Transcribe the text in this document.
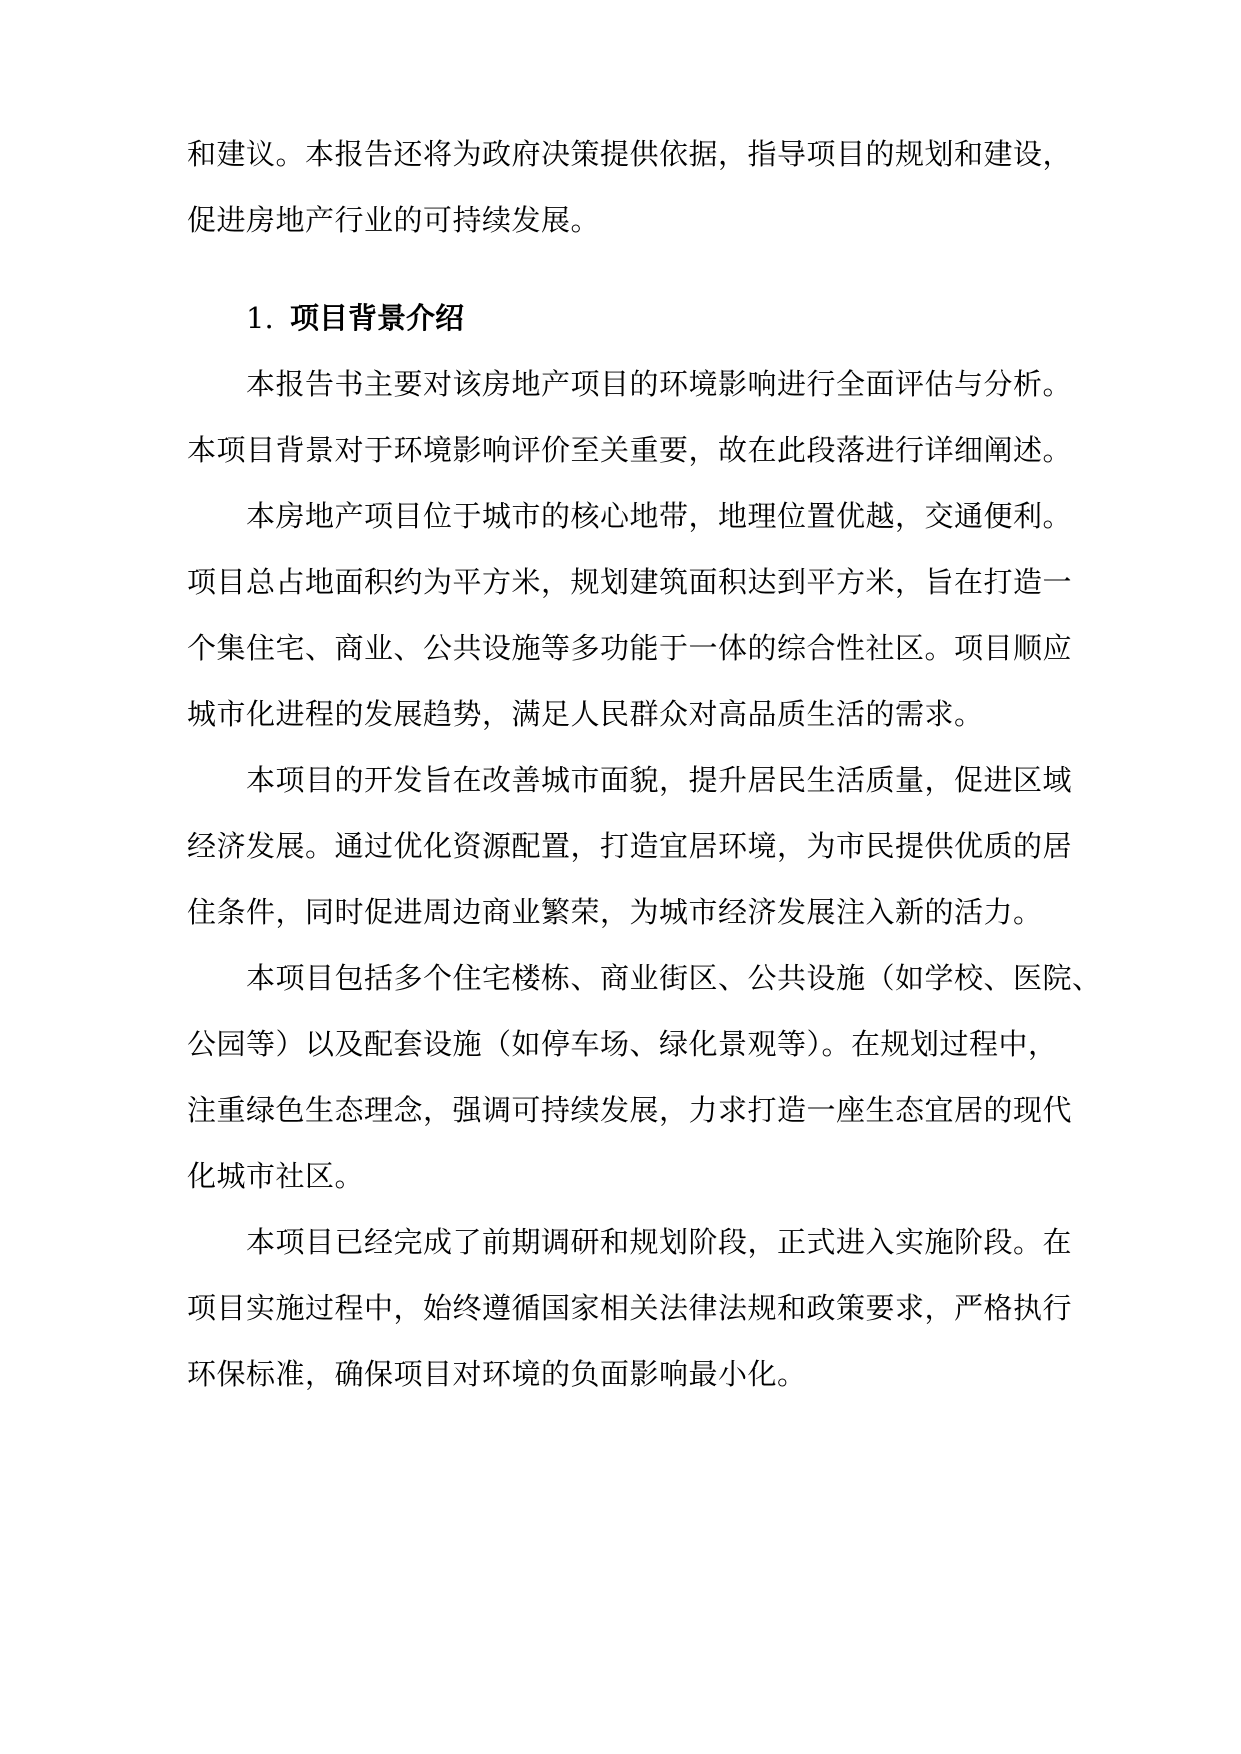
和建议。本报告还将为政府决策提供依据，指导项目的规划和建设，
促进房地产行业的可持续发展。
1. 项目背景介绍
本报告书主要对该房地产项目的环境影响进行全面评估与分析。
本项目背景对于环境影响评价至关重要，故在此段落进行详细阐述。
本房地产项目位于城市的核心地带，地理位置优越，交通便利。
项目总占地面积约为平方米，规划建筑面积达到平方米，旨在打造一
个集住宅、商业、公共设施等多功能于一体的综合性社区。项目顺应
城市化进程的发展趋势，满足人民群众对高品质生活的需求。
本项目的开发旨在改善城市面貌，提升居民生活质量，促进区域
经济发展。通过优化资源配置，打造宜居环境，为市民提供优质的居
住条件，同时促进周边商业繁荣，为城市经济发展注入新的活力。
本项目包括多个住宅楼栋、商业街区、公共设施（如学校、医院、
公园等）以及配套设施（如停车场、绿化景观等）。在规划过程中，
注重绿色生态理念，强调可持续发展，力求打造一座生态宜居的现代
化城市社区。
本项目已经完成了前期调研和规划阶段，正式进入实施阶段。在
项目实施过程中，始终遵循国家相关法律法规和政策要求，严格执行
环保标准，确保项目对环境的负面影响最小化。
